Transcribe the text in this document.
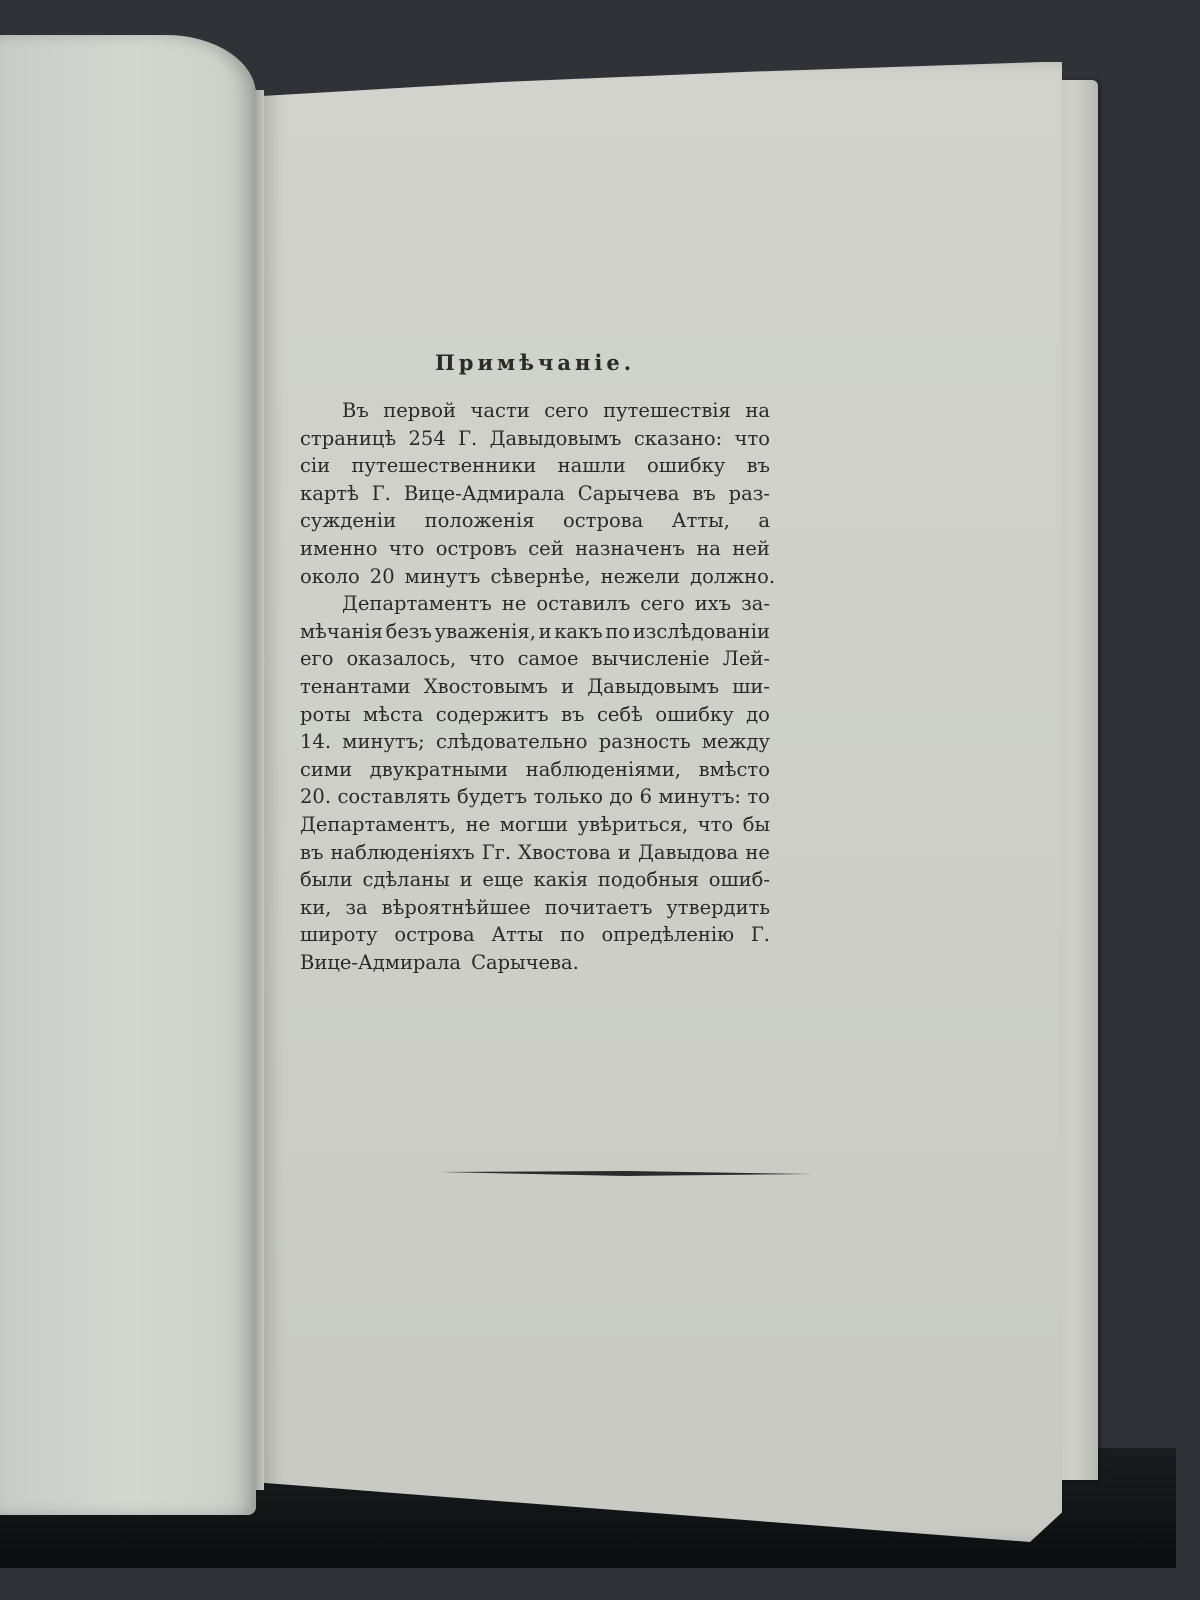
Примѣчаніе.
Въ первой части сего путешествія на
страницѣ 254 Г. Давыдовымъ сказано: что
сіи путешественники нашли ошибку въ
картѣ Г. Вице-Адмирала Сарычева въ раз-
сужденіи положенія острова Атты, а
именно что островъ сей назначенъ на ней
около 20 минутъ сѣвернѣе, нежели должно.
Департаментъ не оставилъ сего ихъ за-
мѣчанія безъ уваженія, и какъ по изслѣдованіи
его оказалось, что самое вычисленіе Лей-
тенантами Хвостовымъ и Давыдовымъ ши-
роты мѣста содержитъ въ себѣ ошибку до
14. минутъ; слѣдовательно разность между
сими двукратными наблюденіями, вмѣсто
20. составлять будетъ только до 6 минутъ: то
Департаментъ, не могши увѣриться, что бы
въ наблюденіяхъ Гг. Хвостова и Давыдова не
были сдѣланы и еще какія подобныя ошиб-
ки, за вѣроятнѣйшее почитаетъ утвердить
широту острова Атты по опредѣленію Г.
Вице-Адмирала Сарычева.
